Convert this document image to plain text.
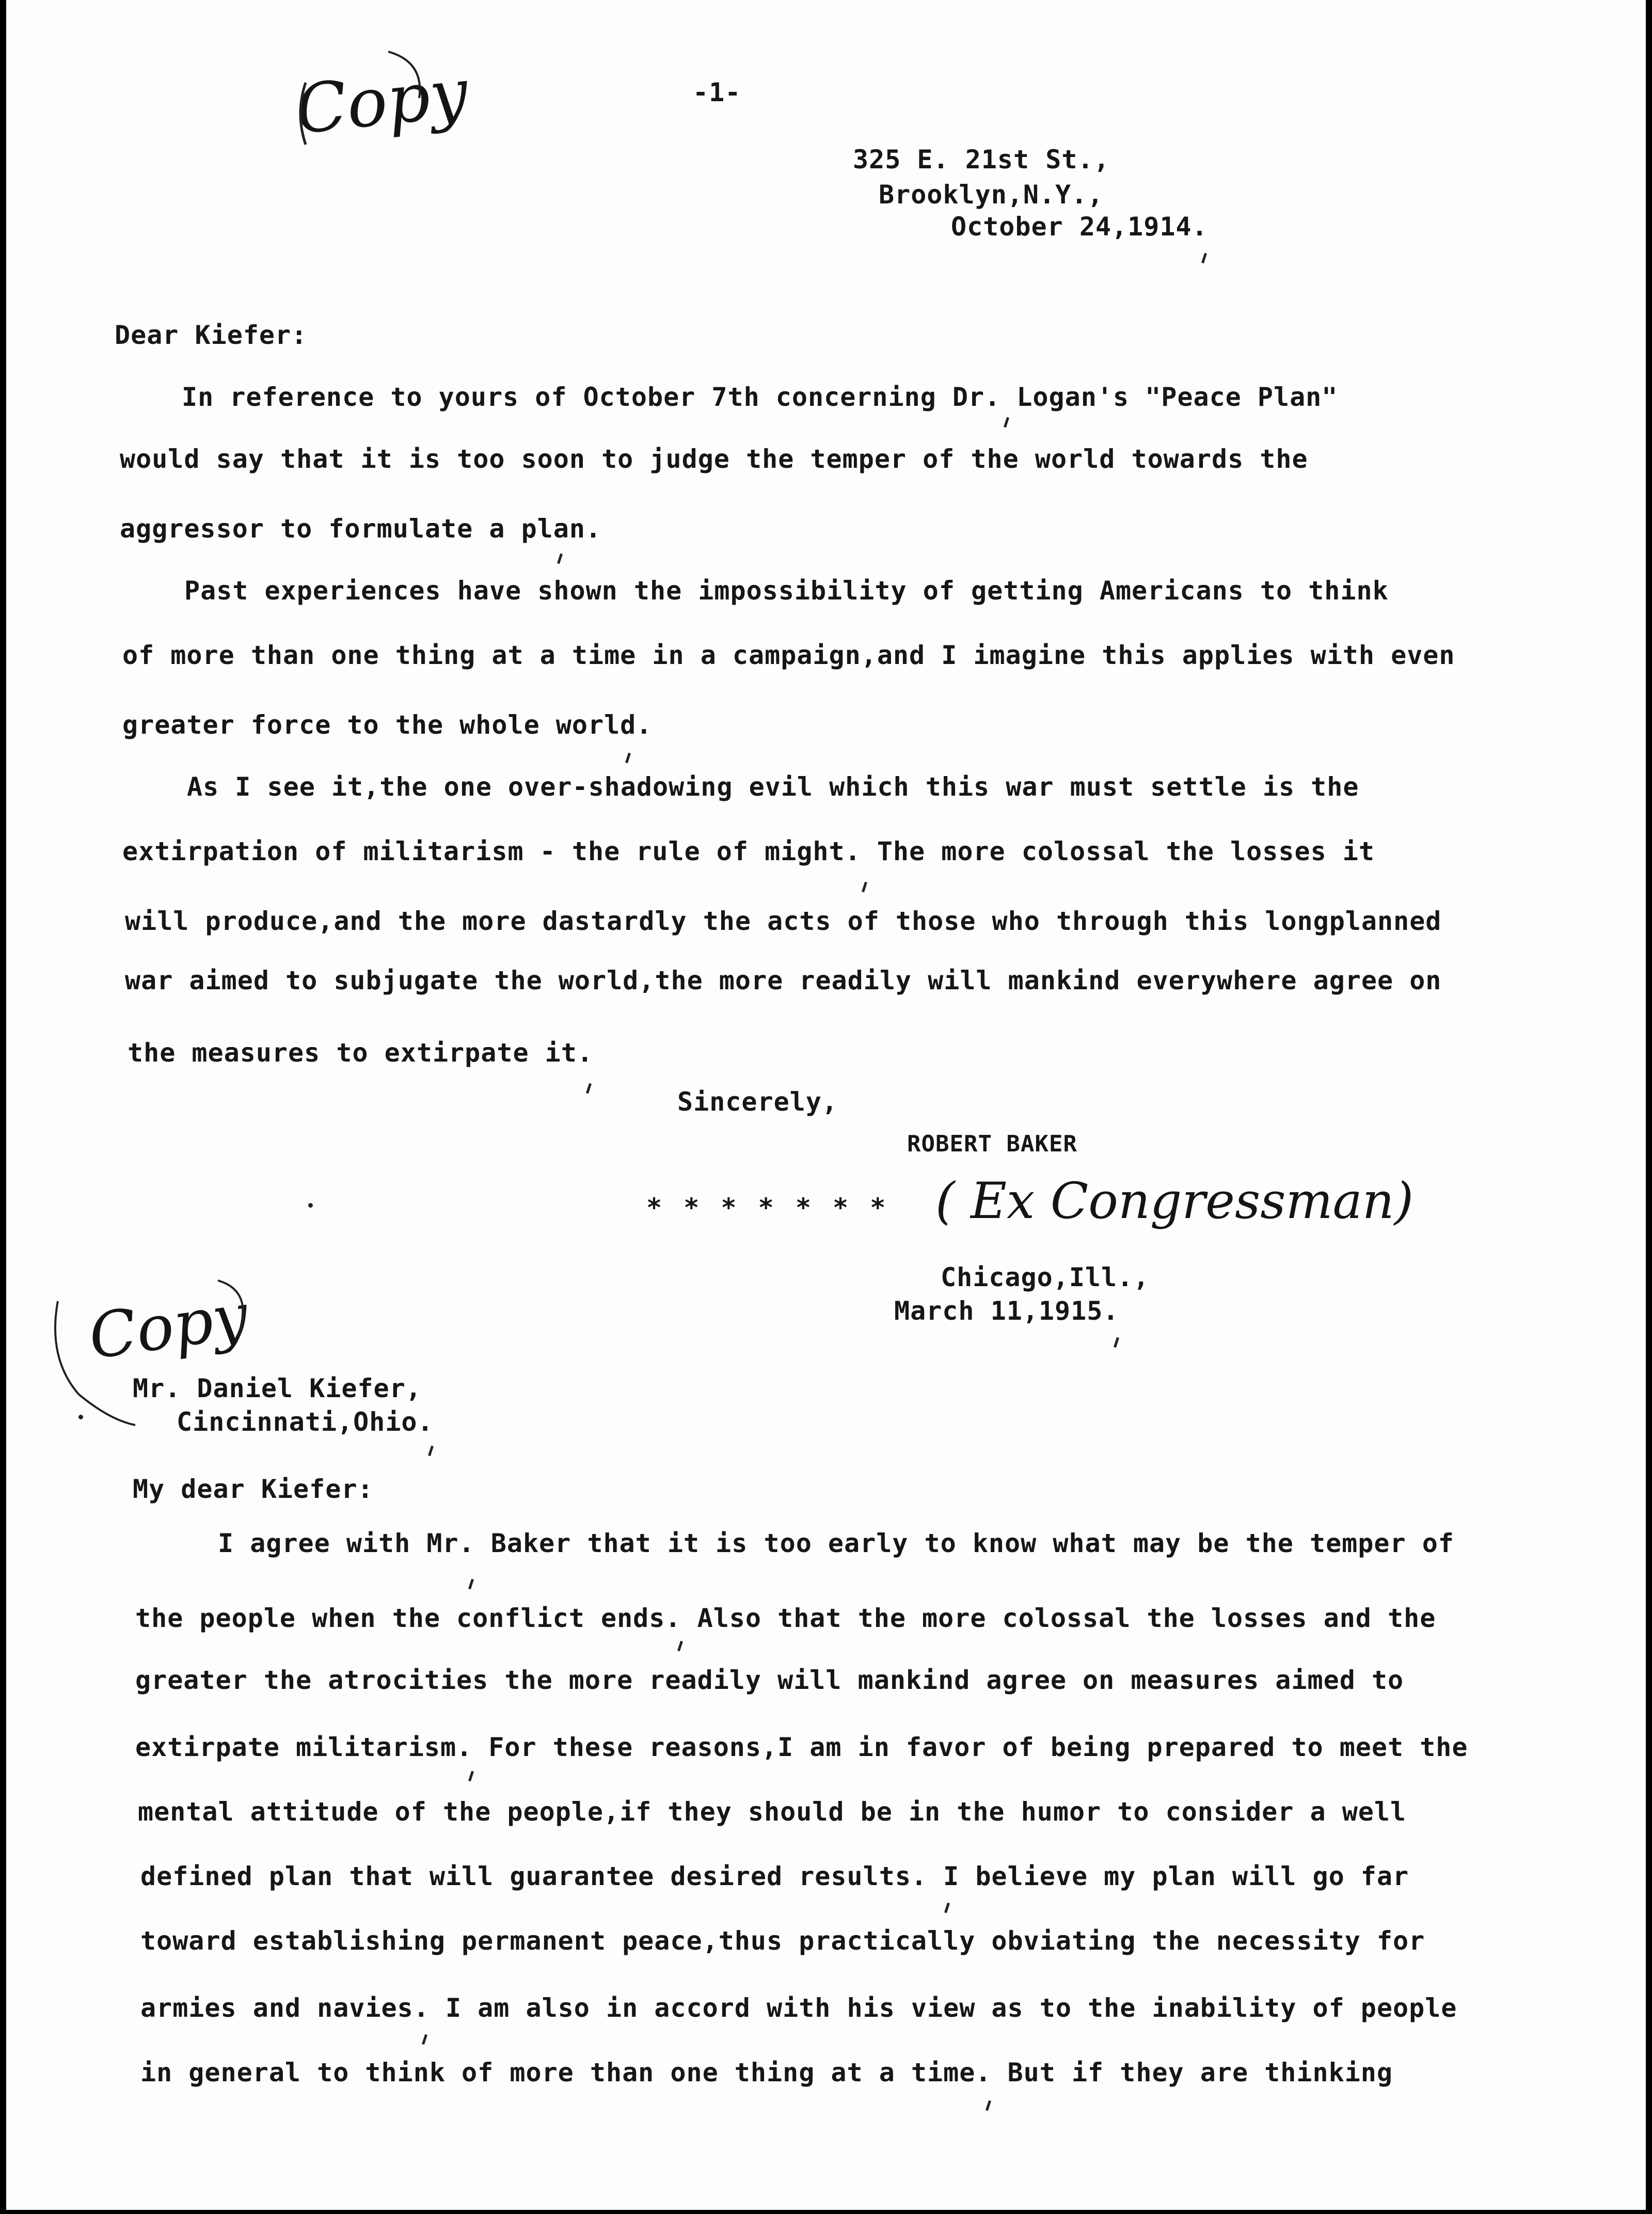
Copy	-1-
325 E. 21st St.,
Brooklyn,N.Y.,
October 24,1914.
Dear Kiefer:
In reference to yours of October 7th concerning Dr. Logan's "Peace Plan"
would say that it is too soon to judge the temper of the world towards the
aggressor to formulate a plan.
Past experiences have shown the impossibility of getting Americans to think
of more than one thing at a time in a campaign,and I imagine this applies with even
greater force to the whole world.
As I see it,the one over-shadowing evil which this war must settle is the
extirpation of militarism - the rule of might. The more colossal the losses it
will produce,and the more dastardly the acts of those who through this longplanned
war aimed to subjugate the world,the more readily will mankind everywhere agree on
the measures to extirpate it.
Sincerely,
ROBERT BAKER
* * * * * * * ( Ex Congressman)
Chicago,Ill.,
March 11,1915.
Copy
Mr. Daniel Kiefer,
Cincinnati,Ohio.
My dear Kiefer:
I agree with Mr. Baker that it is too early to know what may be the temper of
the people when the conflict ends. Also that the more colossal the losses and the
greater the atrocities the more readily will mankind agree on measures aimed to
extirpate militarism. For these reasons,I am in favor of being prepared to meet the
mental attitude of the people,if they should be in the humor to consider a well
defined plan that will guarantee desired results. I believe my plan will go far
toward establishing permanent peace,thus practically obviating the necessity for
armies and navies. I am also in accord with his view as to the inability of people
in general to think of more than one thing at a time. But if they are thinking
